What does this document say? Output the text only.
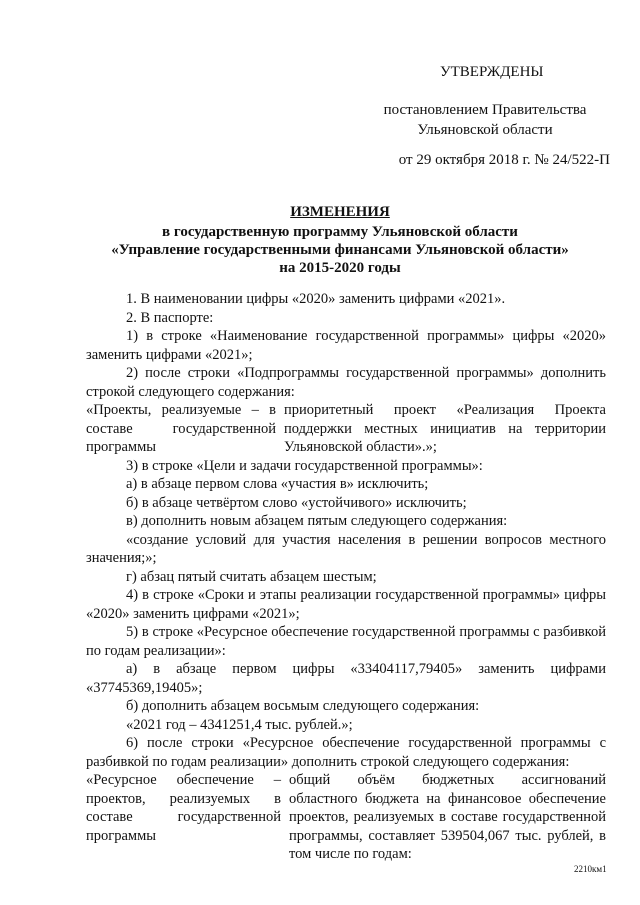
УТВЕРЖДЕНЫ
постановлением Правительства
Ульяновской области
от 29 октября 2018 г. № 24/522-П
ИЗМЕНЕНИЯ
в государственную программу Ульяновской области
«Управление государственными финансами Ульяновской области»
на 2015-2020 годы

1. В наименовании цифры «2020» заменить цифрами «2021».

2. В паспорте:

1) в строке «Наименование государственной программы» цифры «2020» заменить цифрами «2021»;

2) после строки «Подпрограммы государственной программы» дополнить строкой следующего содержания:

«Проекты, реализуемые – в составе государственной программы
приоритетный проект «Реализация Проекта поддержки местных инициатив на территории Ульяновской области».»;

3) в строке «Цели и задачи государственной программы»:

а) в абзаце первом слова «участия в» исключить;

б) в абзаце четвёртом слово «устойчивого» исключить;

в) дополнить новым абзацем пятым следующего содержания:

«создание условий для участия населения в решении вопросов местного значения;»;

г) абзац пятый считать абзацем шестым;

4) в строке «Сроки и этапы реализации государственной программы» цифры «2020» заменить цифрами «2021»;

5) в строке «Ресурсное обеспечение государственной программы с разбивкой по годам реализации»:

а) в абзаце первом цифры «33404117,79405» заменить цифрами «37745369,19405»;

б) дополнить абзацем восьмым следующего содержания:

«2021 год – 4341251,4 тыс. рублей.»;

6) после строки «Ресурсное обеспечение государственной программы с разбивкой по годам реализации» дополнить строкой следующего содержания:

«Ресурсное обеспечение – проектов, реализуемых в составе государственной программы
общий объём бюджетных ассигнований областного бюджета на финансовое обеспечение проектов, реализуемых в составе государственной программы, составляет 539504,067 тыс. рублей, в том числе по годам:
2210км1
